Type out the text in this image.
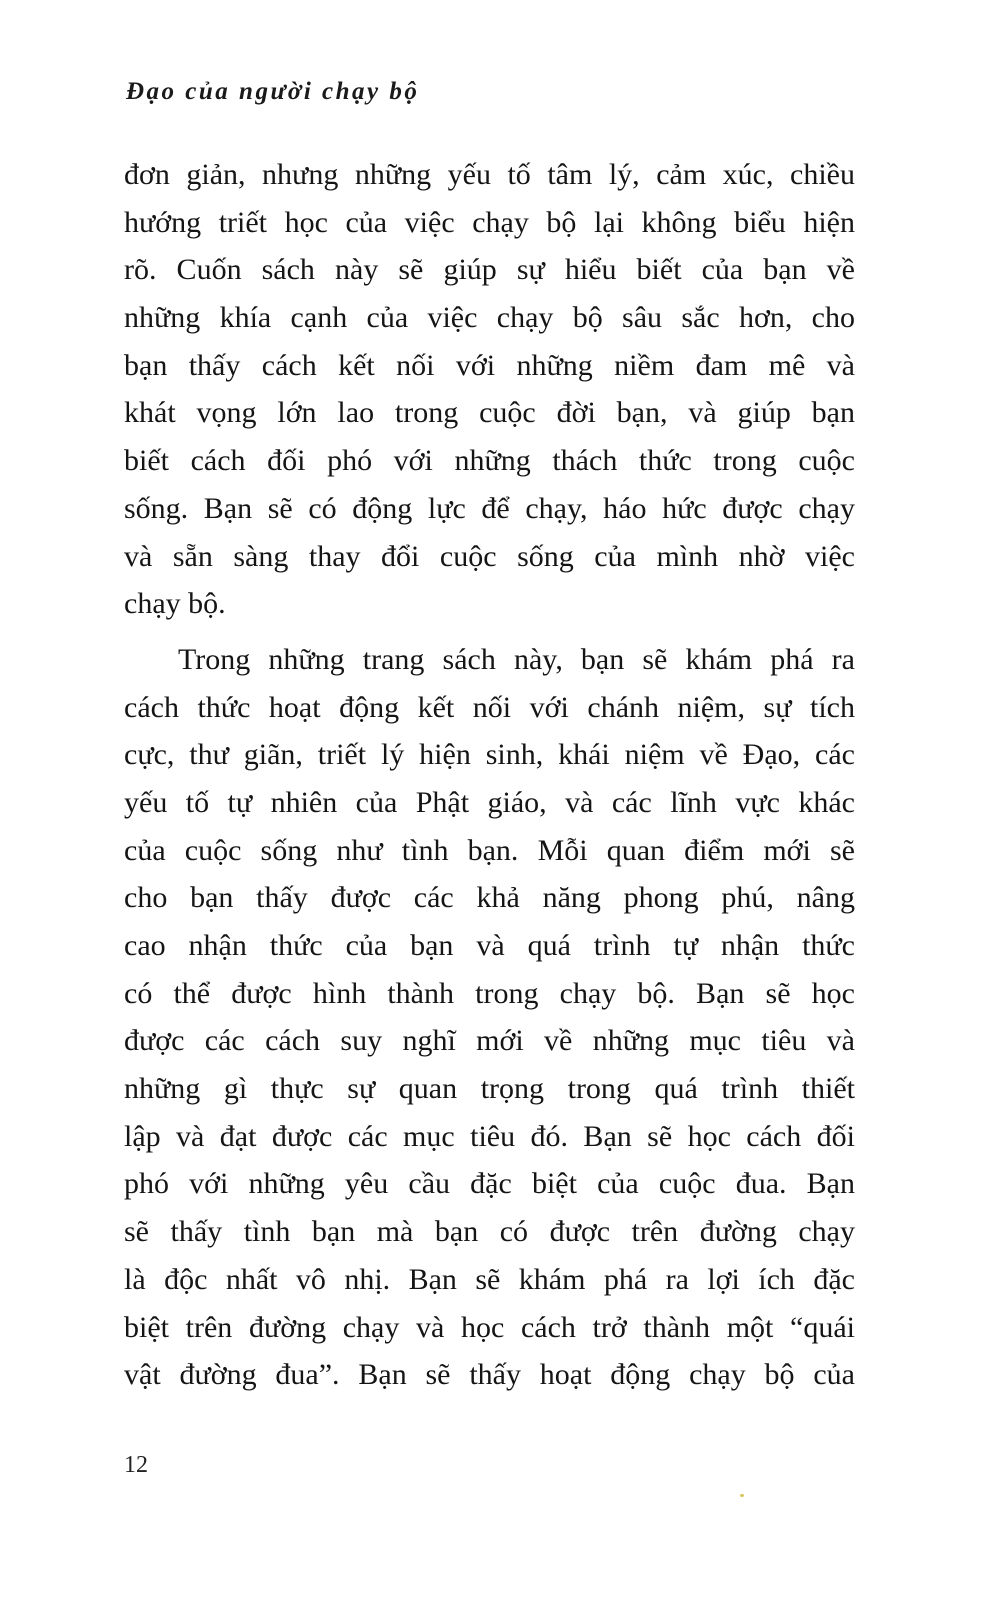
Đạo của người chạy bộ
đơn giản, nhưng những yếu tố tâm lý, cảm xúc, chiều
hướng triết học của việc chạy bộ lại không biểu hiện
rõ. Cuốn sách này sẽ giúp sự hiểu biết của bạn về
những khía cạnh của việc chạy bộ sâu sắc hơn, cho
bạn thấy cách kết nối với những niềm đam mê và
khát vọng lớn lao trong cuộc đời bạn, và giúp bạn
biết cách đối phó với những thách thức trong cuộc
sống. Bạn sẽ có động lực để chạy, háo hức được chạy
và sẵn sàng thay đổi cuộc sống của mình nhờ việc
chạy bộ.
Trong những trang sách này, bạn sẽ khám phá ra
cách thức hoạt động kết nối với chánh niệm, sự tích
cực, thư giãn, triết lý hiện sinh, khái niệm về Đạo, các
yếu tố tự nhiên của Phật giáo, và các lĩnh vực khác
của cuộc sống như tình bạn. Mỗi quan điểm mới sẽ
cho bạn thấy được các khả năng phong phú, nâng
cao nhận thức của bạn và quá trình tự nhận thức
có thể được hình thành trong chạy bộ. Bạn sẽ học
được các cách suy nghĩ mới về những mục tiêu và
những gì thực sự quan trọng trong quá trình thiết
lập và đạt được các mục tiêu đó. Bạn sẽ học cách đối
phó với những yêu cầu đặc biệt của cuộc đua. Bạn
sẽ thấy tình bạn mà bạn có được trên đường chạy
là độc nhất vô nhị. Bạn sẽ khám phá ra lợi ích đặc
biệt trên đường chạy và học cách trở thành một “quái
vật đường đua”. Bạn sẽ thấy hoạt động chạy bộ của
12
